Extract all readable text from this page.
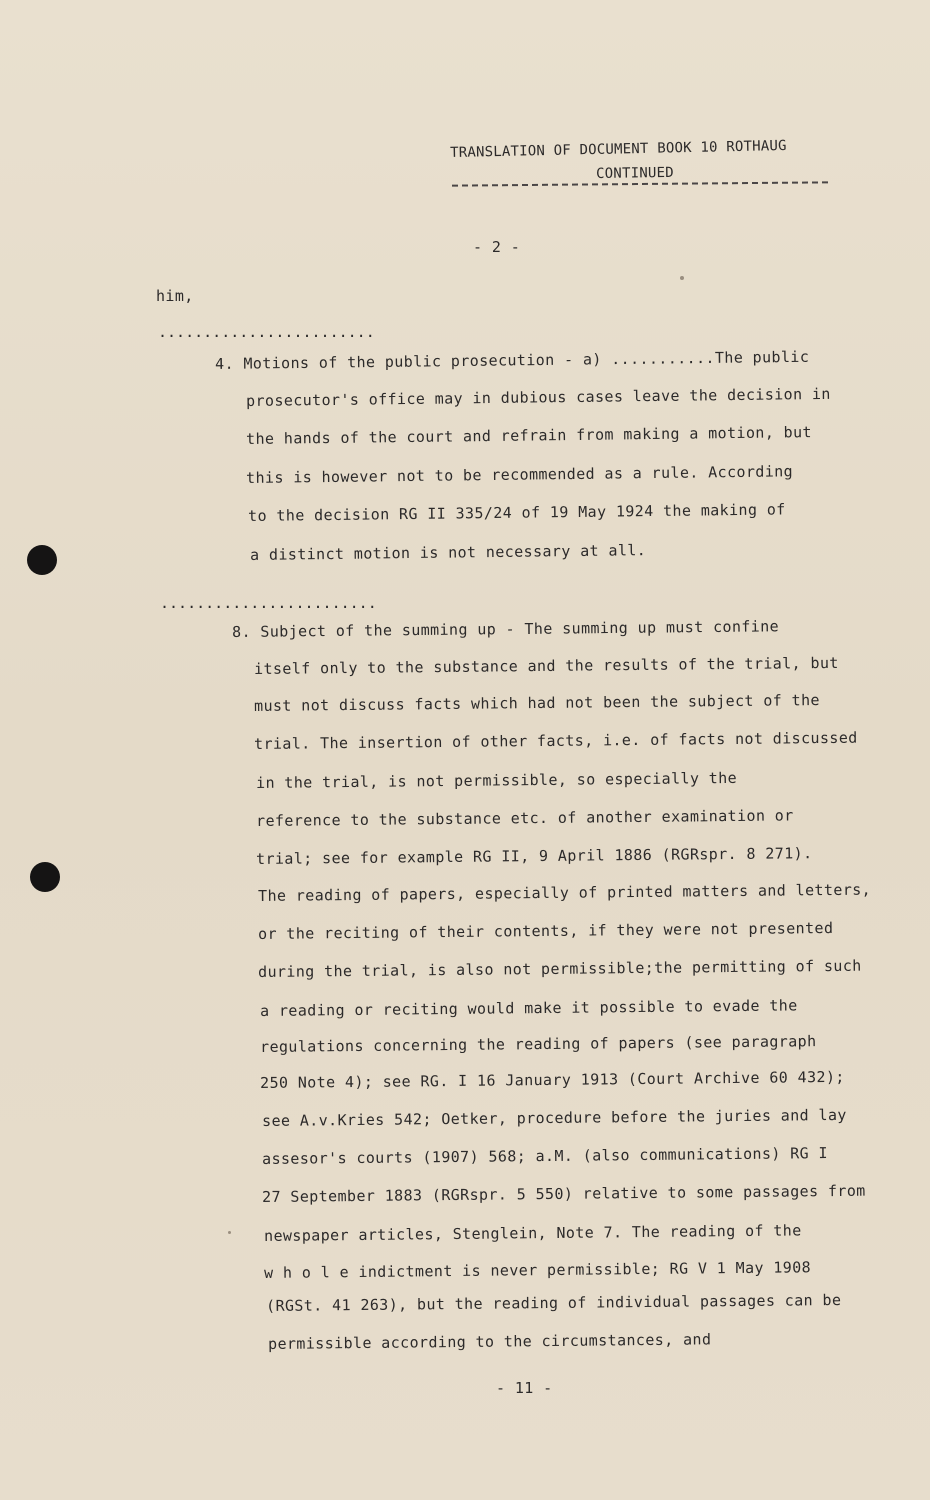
TRANSLATION OF DOCUMENT BOOK 10 ROTHAUG
CONTINUED
- 2 -
him,
........................
4. Motions of the public prosecution - a) ...........The public
prosecutor's office may in dubious cases leave the decision in
the hands of the court and refrain from making a motion, but
this is however not to be recommended as a rule. According
to the decision RG II 335/24 of 19 May 1924 the making of
a distinct motion is not necessary at all.
........................
8. Subject of the summing up - The summing up must confine
itself only to the substance and the results of the trial, but
must not discuss facts which had not been the subject of the
trial. The insertion of other facts, i.e. of facts not discussed
in the trial, is not permissible, so especially the
reference to the substance etc. of another examination or
trial; see for example RG II, 9 April 1886 (RGRspr. 8 271).
The reading of papers, especially of printed matters and letters,
or the reciting of their contents, if they were not presented
during the trial, is also not permissible;the permitting of such
a reading or reciting would make it possible to evade the
regulations concerning the reading of papers (see paragraph
250 Note 4); see RG. I 16 January 1913 (Court Archive 60 432);
see A.v.Kries 542; Oetker, procedure before the juries and lay
assesor's courts (1907) 568; a.M. (also communications) RG I
27 September 1883 (RGRspr. 5 550) relative to some passages from
newspaper articles, Stenglein, Note 7. The reading of the
w h o l e indictment is never permissible; RG V 1 May 1908
(RGSt. 41 263), but the reading of individual passages can be
permissible according to the circumstances, and
- 11 -
